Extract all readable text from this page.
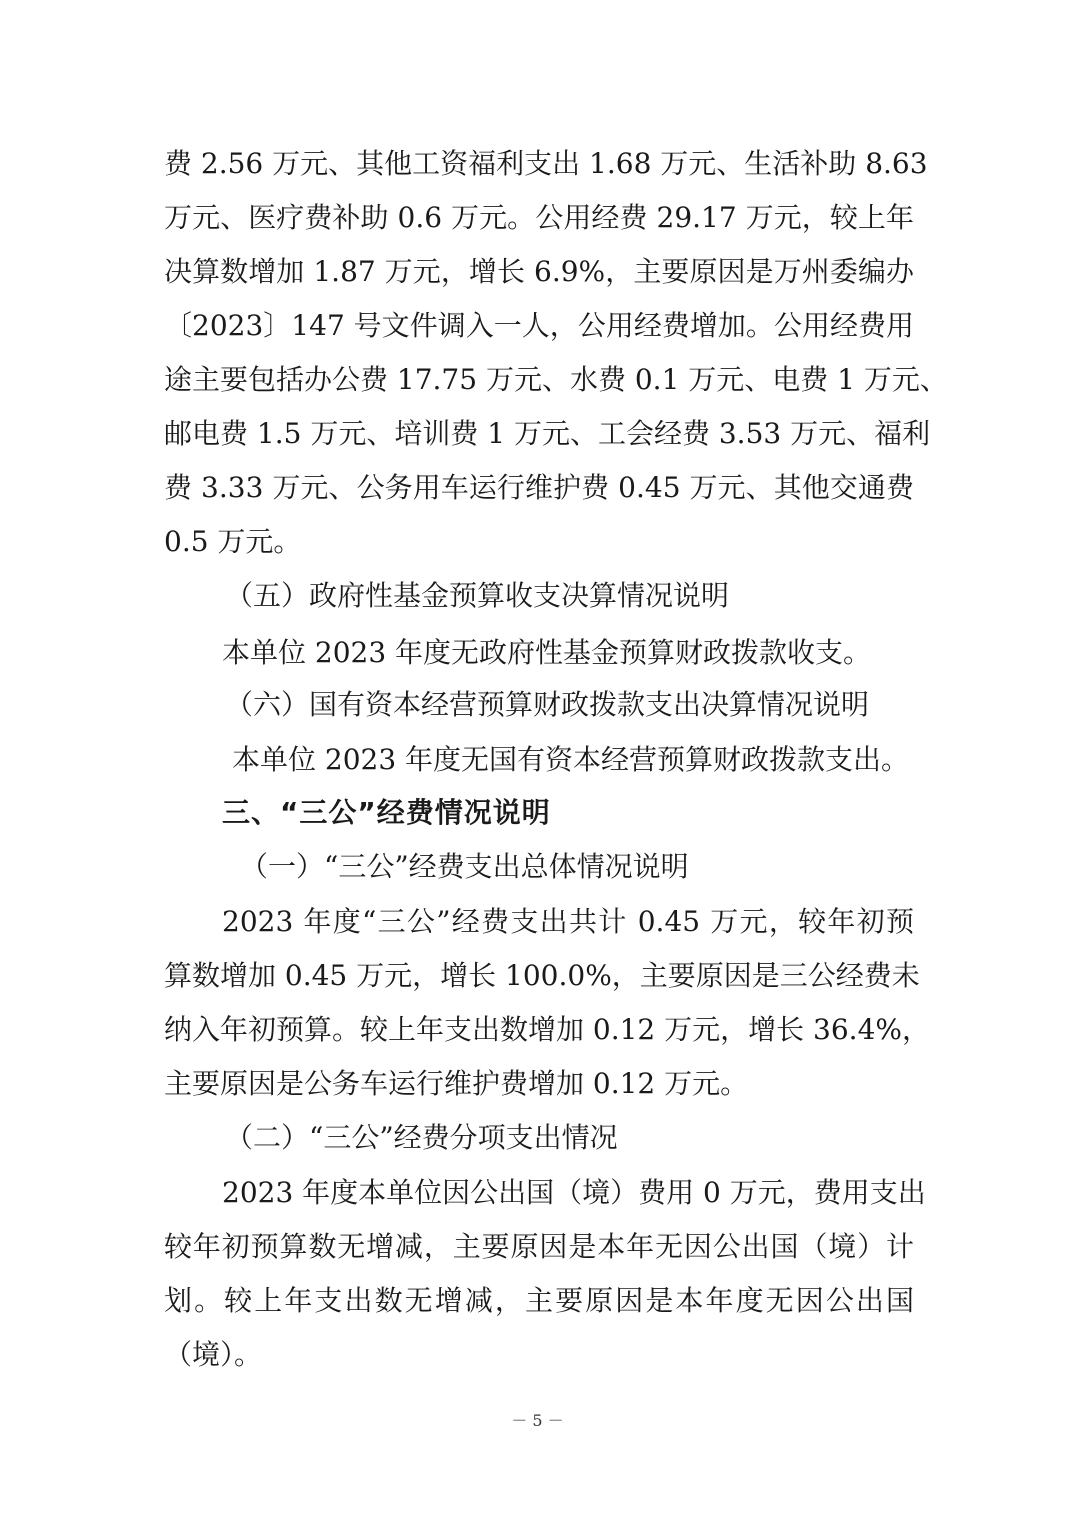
费 2.56 万元、其他工资福利支出 1.68 万元、生活补助 8.63
万元、医疗费补助 0.6 万元。公用经费 29.17 万元，较上年
决算数增加 1.87 万元，增长 6.9%，主要原因是万州委编办
〔2023〕147 号文件调入一人，公用经费增加。公用经费用
途主要包括办公费 17.75 万元、水费 0.1 万元、电费 1 万元、
邮电费 1.5 万元、培训费 1 万元、工会经费 3.53 万元、福利
费 3.33 万元、公务用车运行维护费 0.45 万元、其他交通费
0.5 万元。
（五）政府性基金预算收支决算情况说明
本单位 2023 年度无政府性基金预算财政拨款收支。
（六）国有资本经营预算财政拨款支出决算情况说明
本单位 2023 年度无国有资本经营预算财政拨款支出。
三、“三公”经费情况说明
（一）“三公”经费支出总体情况说明
2023 年度“三公”经费支出共计 0.45 万元，较年初预
算数增加 0.45 万元，增长 100.0%，主要原因是三公经费未
纳入年初预算。较上年支出数增加 0.12 万元，增长 36.4%，
主要原因是公务车运行维护费增加 0.12 万元。
（二）“三公”经费分项支出情况
2023 年度本单位因公出国（境）费用 0 万元，费用支出
较年初预算数无增减，主要原因是本年无因公出国（境）计
划。较上年支出数无增减，主要原因是本年度无因公出国
（境）。
－ 5 －
